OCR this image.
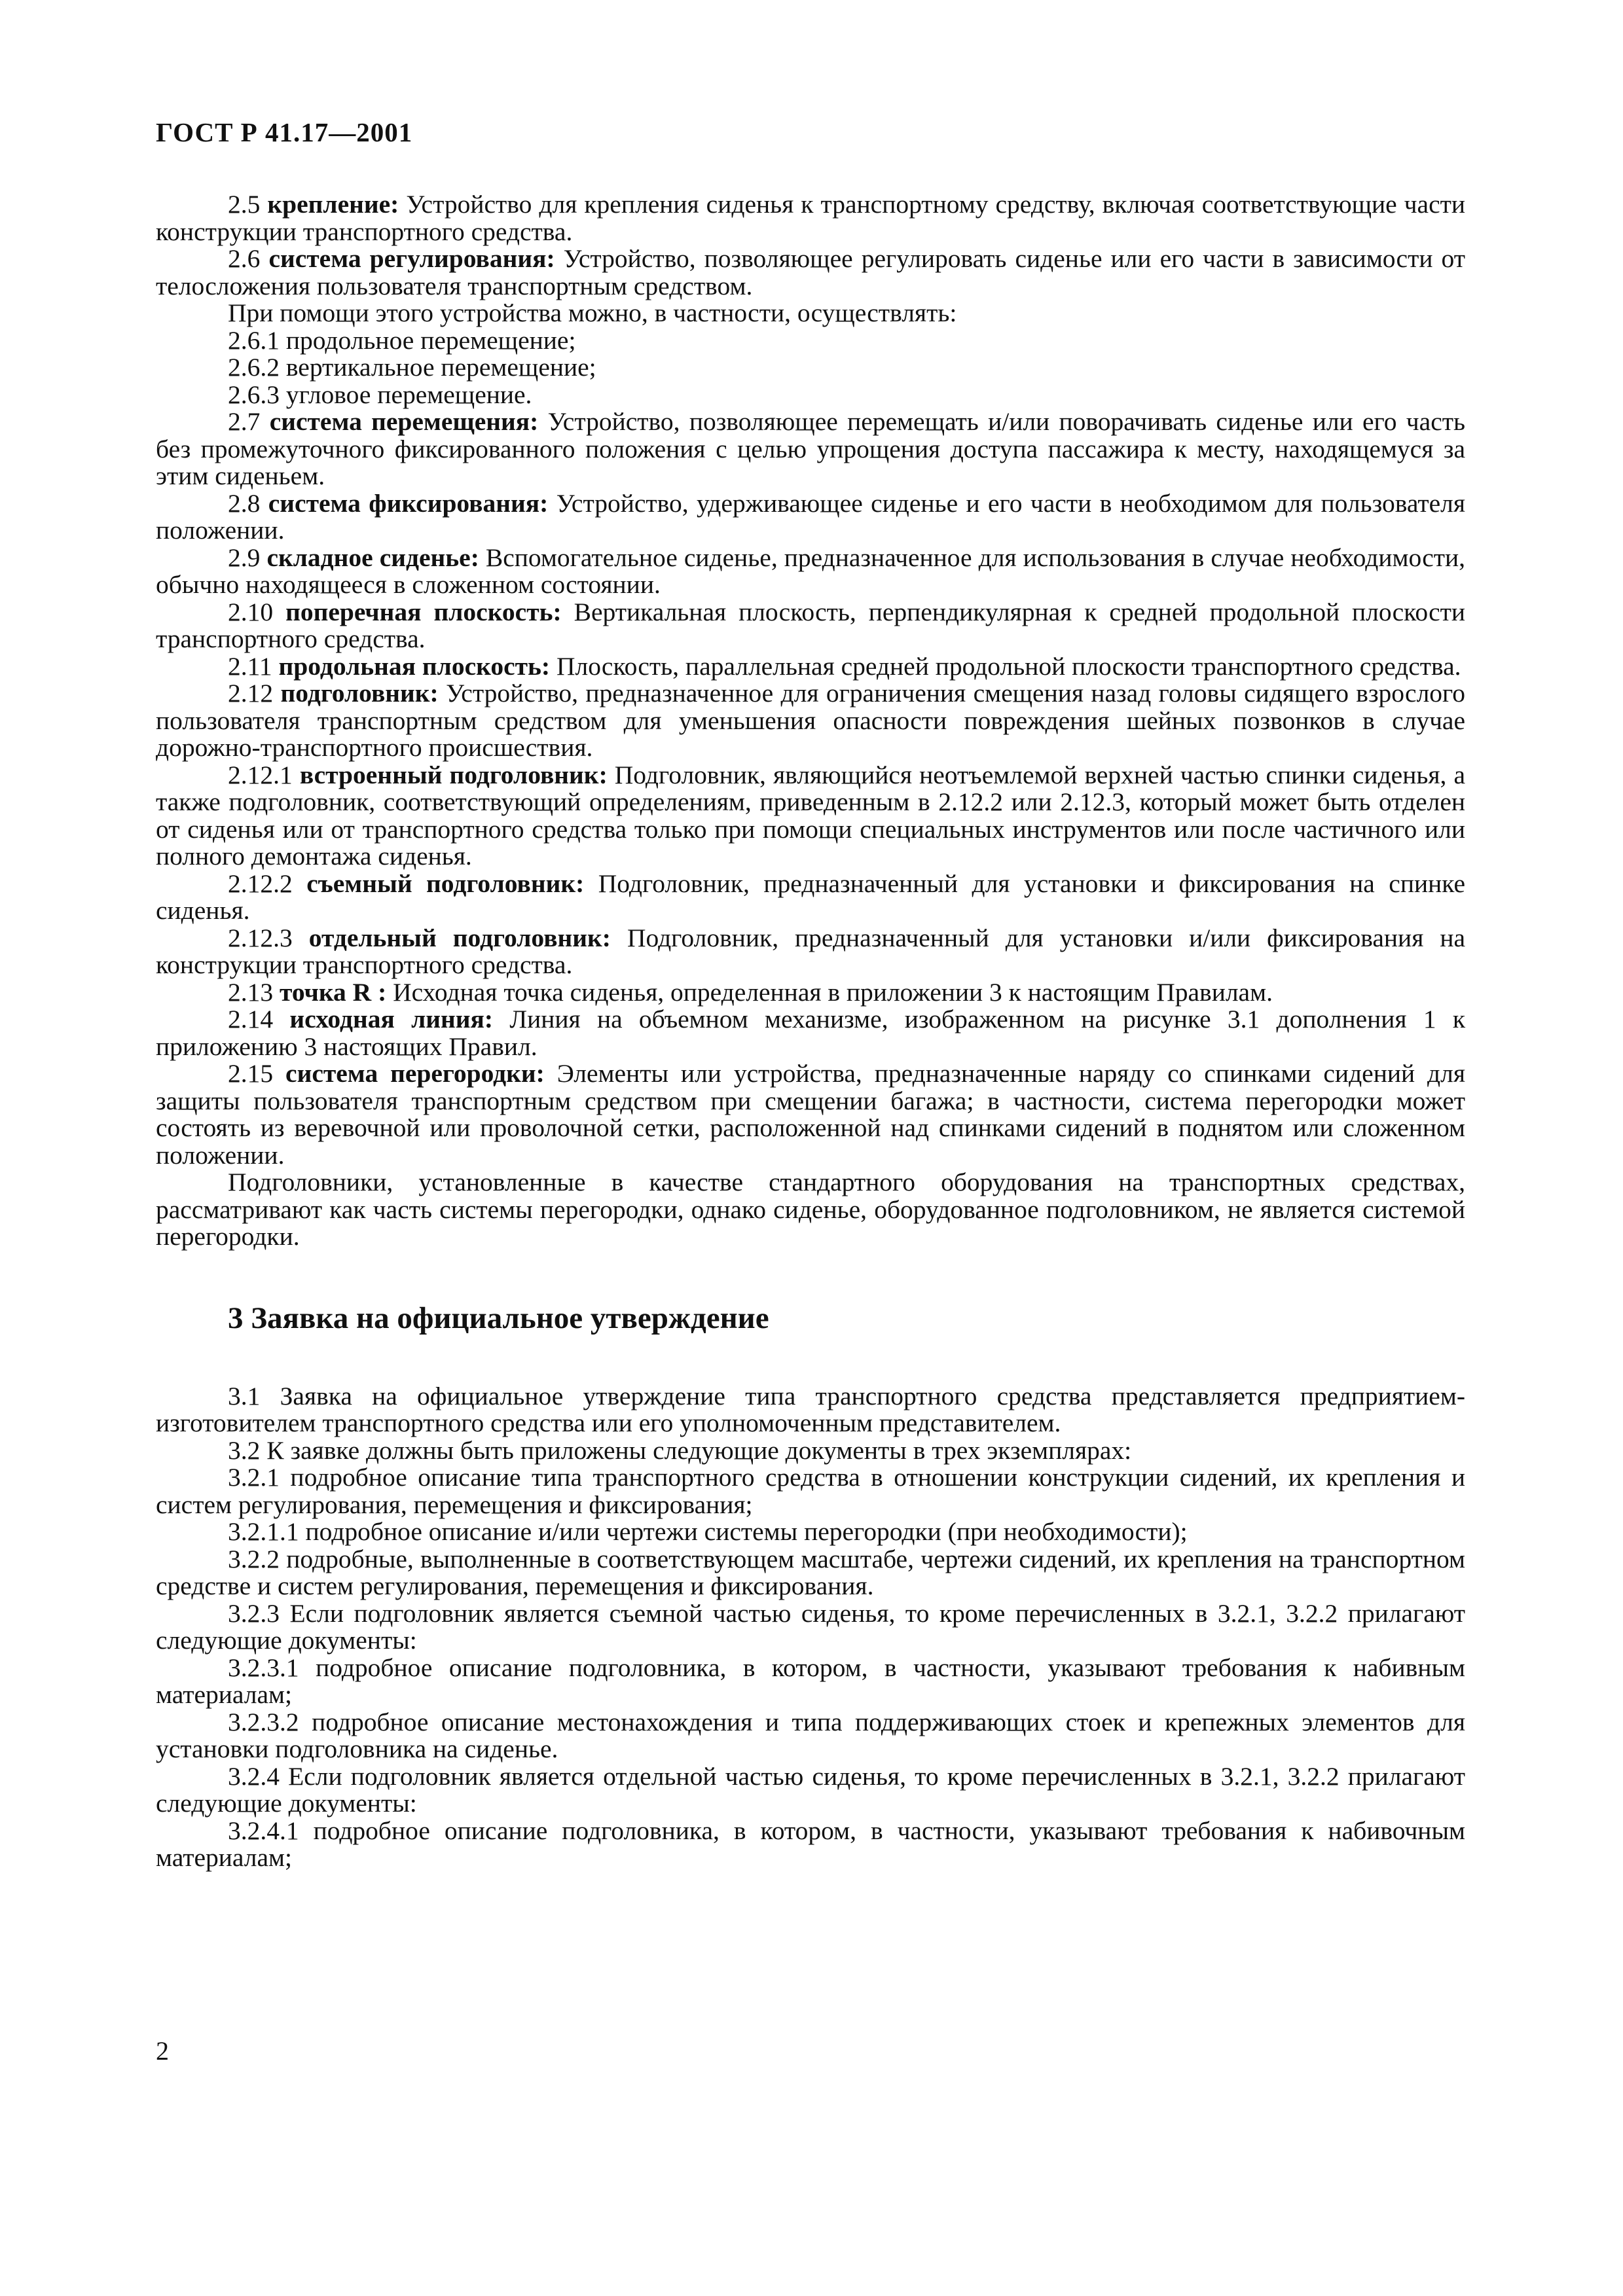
ГОСТ Р 41.17—2001

2.5 крепление: Устройство для крепления сиденья к транспортному средству, включая соответствующие части конструкции транспортного средства.

2.6 система регулирования: Устройство, позволяющее регулировать сиденье или его части в зависимости от телосложения пользователя транспортным средством.

При помощи этого устройства можно, в частности, осуществлять:

2.6.1 продольное перемещение;

2.6.2 вертикальное перемещение;

2.6.3 угловое перемещение.

2.7 система перемещения: Устройство, позволяющее перемещать и/или поворачивать сиденье или его часть без промежуточного фиксированного положения с целью упрощения доступа пассажира к месту, находящемуся за этим сиденьем.

2.8 система фиксирования: Устройство, удерживающее сиденье и его части в необходимом для пользователя положении.

2.9 складное сиденье: Вспомогательное сиденье, предназначенное для использования в случае необходимости, обычно находящееся в сложенном состоянии.

2.10 поперечная плоскость: Вертикальная плоскость, перпендикулярная к средней продольной плоскости транспортного средства.

2.11 продольная плоскость: Плоскость, параллельная средней продольной плоскости транспортного средства.

2.12 подголовник: Устройство, предназначенное для ограничения смещения назад головы сидящего взрослого пользователя транспортным средством для уменьшения опасности повреждения шейных позвонков в случае дорожно-транспортного происшествия.

2.12.1 встроенный подголовник: Подголовник, являющийся неотъемлемой верхней частью спинки сиденья, а также подголовник, соответствующий определениям, приведенным в 2.12.2 или 2.12.3, который может быть отделен от сиденья или от транспортного средства только при помощи специальных инструментов или после частичного или полного демонтажа сиденья.

2.12.2 съемный подголовник: Подголовник, предназначенный для установки и фиксирования на спинке сиденья.

2.12.3 отдельный подголовник: Подголовник, предназначенный для установки и/или фиксирования на конструкции транспортного средства.

2.13 точка R : Исходная точка сиденья, определенная в приложении 3 к настоящим Правилам.

2.14 исходная линия: Линия на объемном механизме, изображенном на рисунке 3.1 дополнения 1 к приложению 3 настоящих Правил.

2.15 система перегородки: Элементы или устройства, предназначенные наряду со спинками сидений для защиты пользователя транспортным средством при смещении багажа; в частности, система перегородки может состоять из веревочной или проволочной сетки, расположенной над спинками сидений в поднятом или сложенном положении.

Подголовники, установленные в качестве стандартного оборудования на транспортных средствах, рассматривают как часть системы перегородки, однако сиденье, оборудованное подголовником, не является системой перегородки.

3 Заявка на официальное утверждение

3.1 Заявка на официальное утверждение типа транспортного средства представляется предприятием-изготовителем транспортного средства или его уполномоченным представителем.

3.2 К заявке должны быть приложены следующие документы в трех экземплярах:

3.2.1 подробное описание типа транспортного средства в отношении конструкции сидений, их крепления и систем регулирования, перемещения и фиксирования;

3.2.1.1 подробное описание и/или чертежи системы перегородки (при необходимости);

3.2.2 подробные, выполненные в соответствующем масштабе, чертежи сидений, их крепления на транспортном средстве и систем регулирования, перемещения и фиксирования.

3.2.3 Если подголовник является съемной частью сиденья, то кроме перечисленных в 3.2.1, 3.2.2 прилагают следующие документы:

3.2.3.1 подробное описание подголовника, в котором, в частности, указывают требования к набивным материалам;

3.2.3.2 подробное описание местонахождения и типа поддерживающих стоек и крепежных элементов для установки подголовника на сиденье.

3.2.4 Если подголовник является отдельной частью сиденья, то кроме перечисленных в 3.2.1, 3.2.2 прилагают следующие документы:

3.2.4.1 подробное описание подголовника, в котором, в частности, указывают требования к набивочным материалам;

2
